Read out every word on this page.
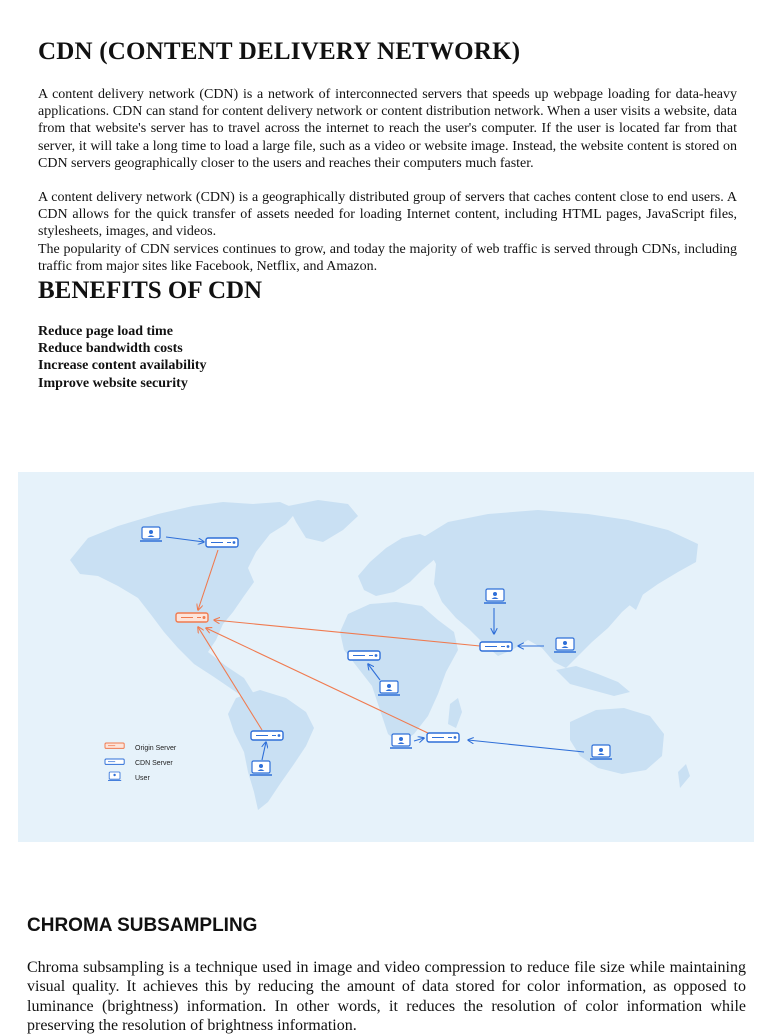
CDN (CONTENT DELIVERY NETWORK)

A content delivery network (CDN) is a network of interconnected servers that speeds up webpage loading for data-heavy applications. CDN can stand for content delivery network or content distribution network. When a user visits a website, data from that website's server has to travel across the internet to reach the user's computer. If the user is located far from that server, it will take a long time to load a large file, such as a video or website image. Instead, the website content is stored on CDN servers geographically closer to the users and reaches their computers much faster.

A content delivery network (CDN) is a geographically distributed group of servers that caches content close to end users. A CDN allows for the quick transfer of assets needed for loading Internet content, including HTML pages, JavaScript files, stylesheets, images, and videos.

The popularity of CDN services continues to grow, and today the majority of web traffic is served through CDNs, including traffic from major sites like Facebook, Netflix, and Amazon.

BENEFITS OF CDN
Reduce page load time
Reduce bandwidth costs
Increase content availability
Improve website security
Origin Server
CDN Server
User
CHROMA SUBSAMPLING

Chroma subsampling is a technique used in image and video compression to reduce file size while maintaining visual quality. It achieves this by reducing the amount of data stored for color information, as opposed to luminance (brightness) information. In other words, it reduces the resolution of color information while preserving the resolution of brightness information.
